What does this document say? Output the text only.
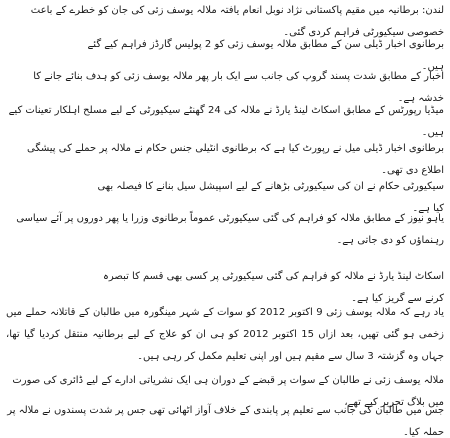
لندن: برطانیہ میں مقیم پاکستانی نژاد نوبل انعام یافتہ ملالہ یوسف زئی کی جان کو خطرے کے باعث خصوصی سیکیورٹی فراہم کردی گئی۔

برطانوی اخبار ڈیلی سن کے مطابق ملالہ یوسف زئی کو 2 پولیس گارڈز فراہم کیے گئے ہیں۔

اخبار کے مطابق شدت پسند گروپ کی جانب سے ایک بار پھر ملالہ یوسف زئی کو ہدف بنائے جانے کا خدشہ ہے۔

میڈیا رپورٹس کے مطابق اسکاٹ لینڈ یارڈ نے ملالہ کی 24 گھنٹے سیکیورٹی کے لیے مسلح اہلکار تعینات کیے ہیں۔

برطانوی اخبار ڈیلی میل نے رپورٹ کیا ہے کہ برطانوی انٹیلی جنس حکام نے ملالہ پر حملے کی پیشگی اطلاع دی تھی۔

سیکیورٹی حکام نے ان کی سیکیورٹی بڑھانے کے لیے اسپیشل سیل بنانے کا فیصلہ بھی کیا ہے۔

یاہو نیوز کے مطابق ملالہ کو فراہم کی گئی سیکیورٹی عموماً برطانوی وزرا یا پھر دوروں پر آئے سیاسی رہنماؤں کو دی جاتی ہے۔

اسکاٹ لینڈ یارڈ نے ملالہ کو فراہم کی گئی سیکیورٹی پر کسی بھی قسم کا تبصرہ کرنے سے گریز کیا ہے۔

یاد رہے کہ ملالہ یوسف زئی 9 اکتوبر 2012 کو سوات کے شہر مینگورہ میں طالبان کے قاتلانہ حملے میں زخمی ہو گئی تھیں، بعد ازاں 15 اکتوبر 2012 کو ہی ان کو علاج کے لیے برطانیہ منتقل کردیا گیا تھا، جہاں وہ گزشتہ 3 سال سے مقیم ہیں اور اپنی تعلیم مکمل کر رہی ہیں۔

ملالہ یوسف زئی نے طالبان کے سوات پر قبضے کے دوران ہی ایک نشریاتی ادارے کے لیے ڈائری کی صورت میں بلاگ تحریر کیے تھے،

جس میں طالبان کی جانب سے تعلیم پر پابندی کے خلاف آواز اٹھائی تھی جس پر شدت پسندوں نے ملالہ پر حملہ کیا۔
